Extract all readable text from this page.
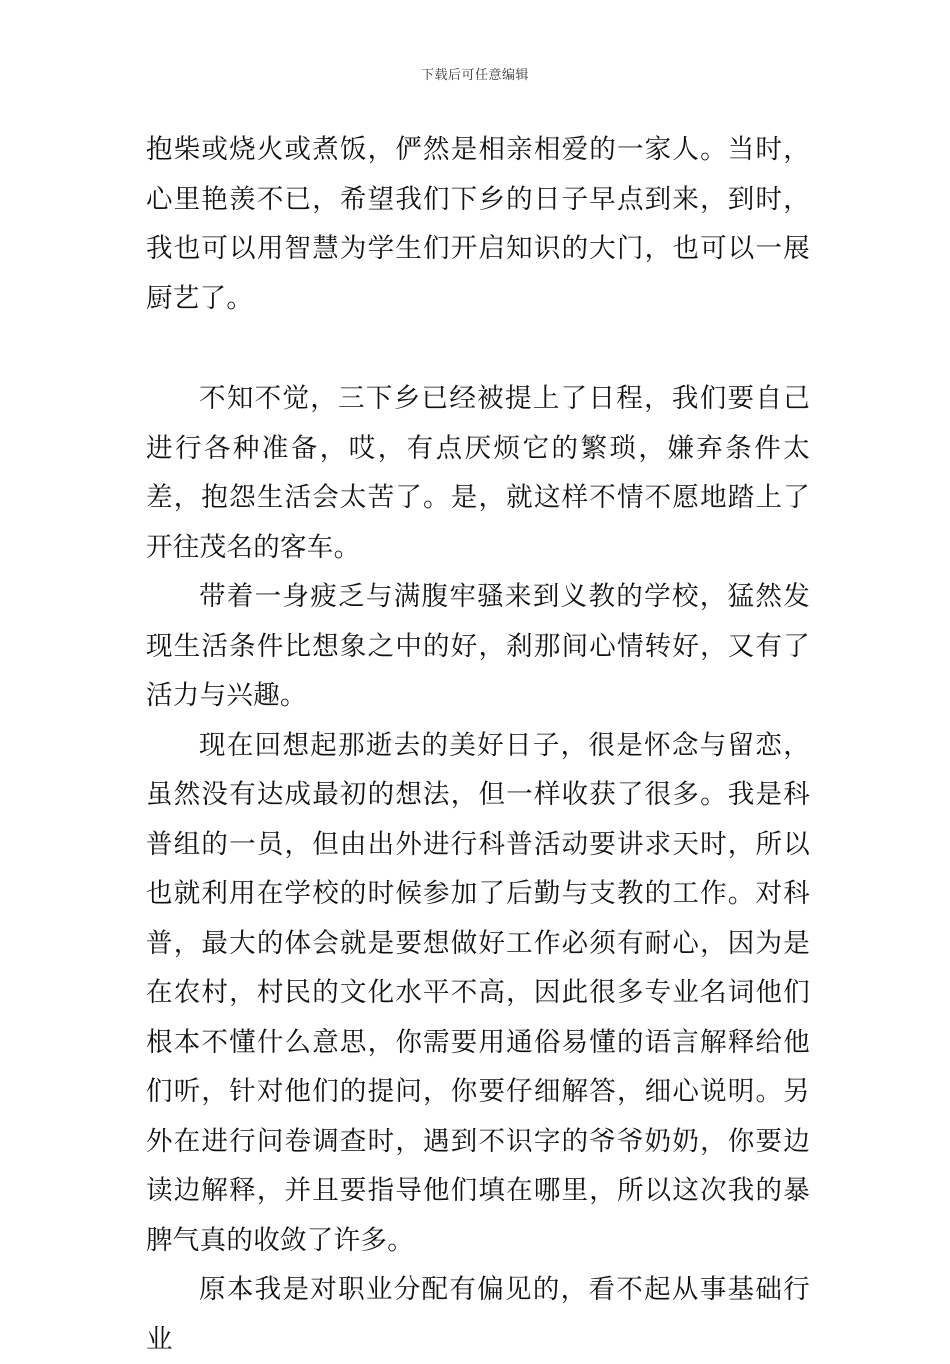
下载后可任意编辑

抱柴或烧火或煮饭，俨然是相亲相爱的一家人。当时，心里艳羡不已，希望我们下乡的日子早点到来，到时，我也可以用智慧为学生们开启知识的大门，也可以一展厨艺了。

不知不觉，三下乡已经被提上了日程，我们要自己进行各种准备，哎，有点厌烦它的繁琐，嫌弃条件太差，抱怨生活会太苦了。是，就这样不情不愿地踏上了开往茂名的客车。

带着一身疲乏与满腹牢骚来到义教的学校，猛然发现生活条件比想象之中的好，刹那间心情转好，又有了活力与兴趣。

现在回想起那逝去的美好日子，很是怀念与留恋，虽然没有达成最初的想法，但一样收获了很多。我是科普组的一员，但由出外进行科普活动要讲求天时，所以也就利用在学校的时候参加了后勤与支教的工作。对科普，最大的体会就是要想做好工作必须有耐心，因为是在农村，村民的文化水平不高，因此很多专业名词他们根本不懂什么意思，你需要用通俗易懂的语言解释给他们听，针对他们的提问，你要仔细解答，细心说明。另外在进行问卷调查时，遇到不识字的爷爷奶奶，你要边读边解释，并且要指导他们填在哪里，所以这次我的暴脾气真的收敛了许多。

原本我是对职业分配有偏见的，看不起从事基础行业
